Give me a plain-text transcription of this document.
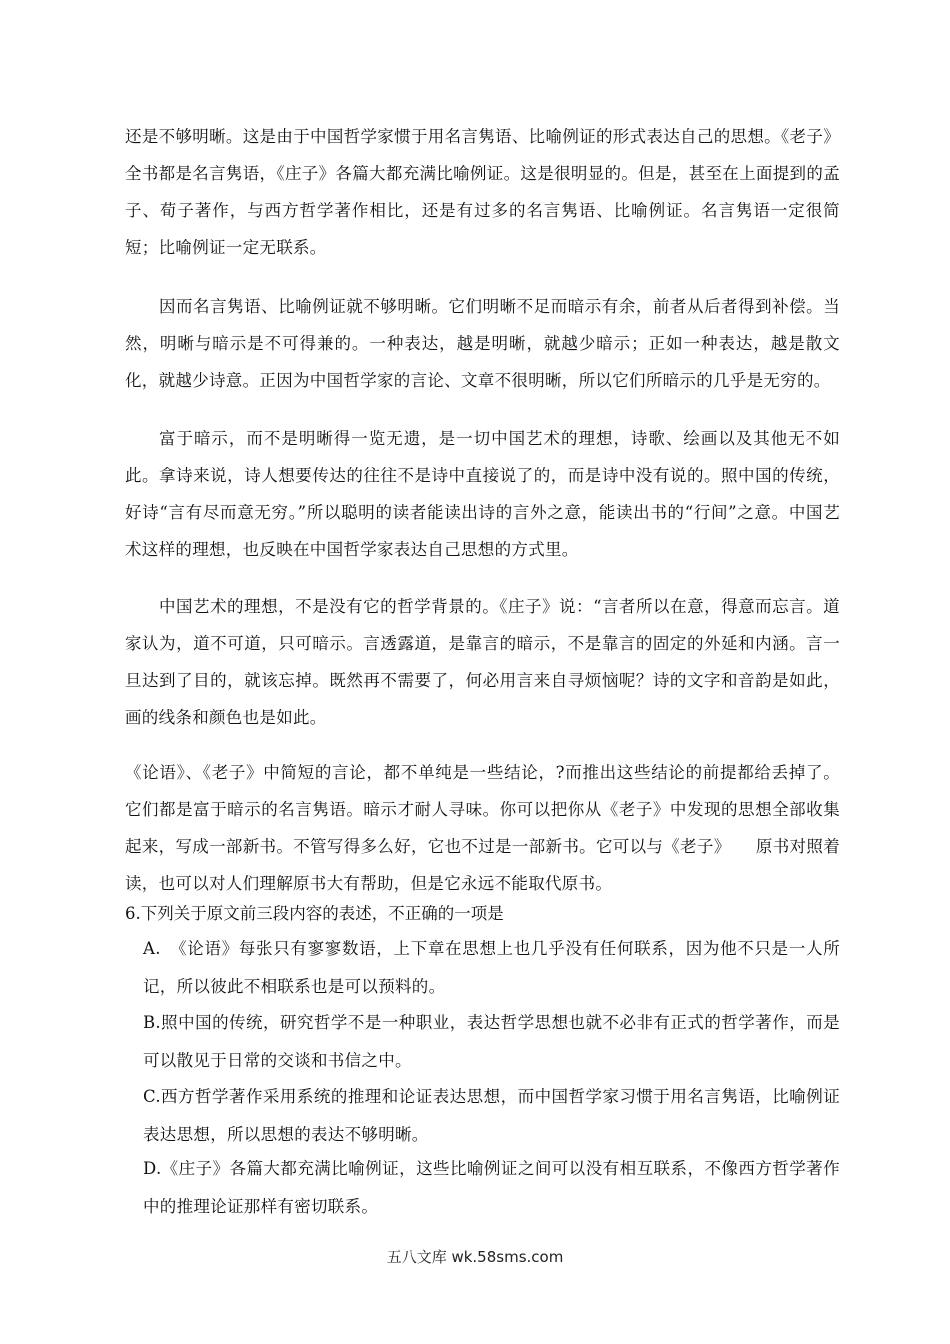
还是不够明晰。这是由于中国哲学家惯于用名言隽语、比喻例证的形式表达自己的思想。《老子》全书都是名言隽语，《庄子》各篇大都充满比喻例证。这是很明显的。但是，甚至在上面提到的孟子、荀子著作，与西方哲学著作相比，还是有过多的名言隽语、比喻例证。名言隽语一定很简短；比喻例证一定无联系。

因而名言隽语、比喻例证就不够明晰。它们明晰不足而暗示有余，前者从后者得到补偿。当然，明晰与暗示是不可得兼的。一种表达，越是明晰，就越少暗示；正如一种表达，越是散文化，就越少诗意。正因为中国哲学家的言论、文章不很明晰，所以它们所暗示的几乎是无穷的。

富于暗示，而不是明晰得一览无遗，是一切中国艺术的理想，诗歌、绘画以及其他无不如此。拿诗来说，诗人想要传达的往往不是诗中直接说了的，而是诗中没有说的。照中国的传统，好诗“言有尽而意无穷。”所以聪明的读者能读出诗的言外之意，能读出书的“行间”之意。中国艺术这样的理想，也反映在中国哲学家表达自己思想的方式里。

中国艺术的理想，不是没有它的哲学背景的。《庄子》说：“言者所以在意，得意而忘言。道家认为，道不可道，只可暗示。言透露道，是靠言的暗示，不是靠言的固定的外延和内涵。言一旦达到了目的，就该忘掉。既然再不需要了，何必用言来自寻烦恼呢？诗的文字和音韵是如此，画的线条和颜色也是如此。

《论语》、《老子》中简短的言论，都不单纯是一些结论，?而推出这些结论的前提都给丢掉了。它们都是富于暗示的名言隽语。暗示才耐人寻味。你可以把你从《老子》中发现的思想全部收集起来，写成一部新书。不管写得多么好，它也不过是一部新书。它可以与《老子》　　原书对照着读，也可以对人们理解原书大有帮助，但是它永远不能取代原书。

6.下列关于原文前三段内容的表述，不正确的一项是

A.　《论语》每张只有寥寥数语，上下章在思想上也几乎没有任何联系，因为他不只是一人所记，所以彼此不相联系也是可以预料的。

B.照中国的传统，研究哲学不是一种职业，表达哲学思想也就不必非有正式的哲学著作，而是可以散见于日常的交谈和书信之中。

C.西方哲学著作采用系统的推理和论证表达思想，而中国哲学家习惯于用名言隽语，比喻例证表达思想，所以思想的表达不够明晰。

D.《庄子》各篇大都充满比喻例证，这些比喻例证之间可以没有相互联系，不像西方哲学著作中的推理论证那样有密切联系。

五八文库 wk.58sms.com
